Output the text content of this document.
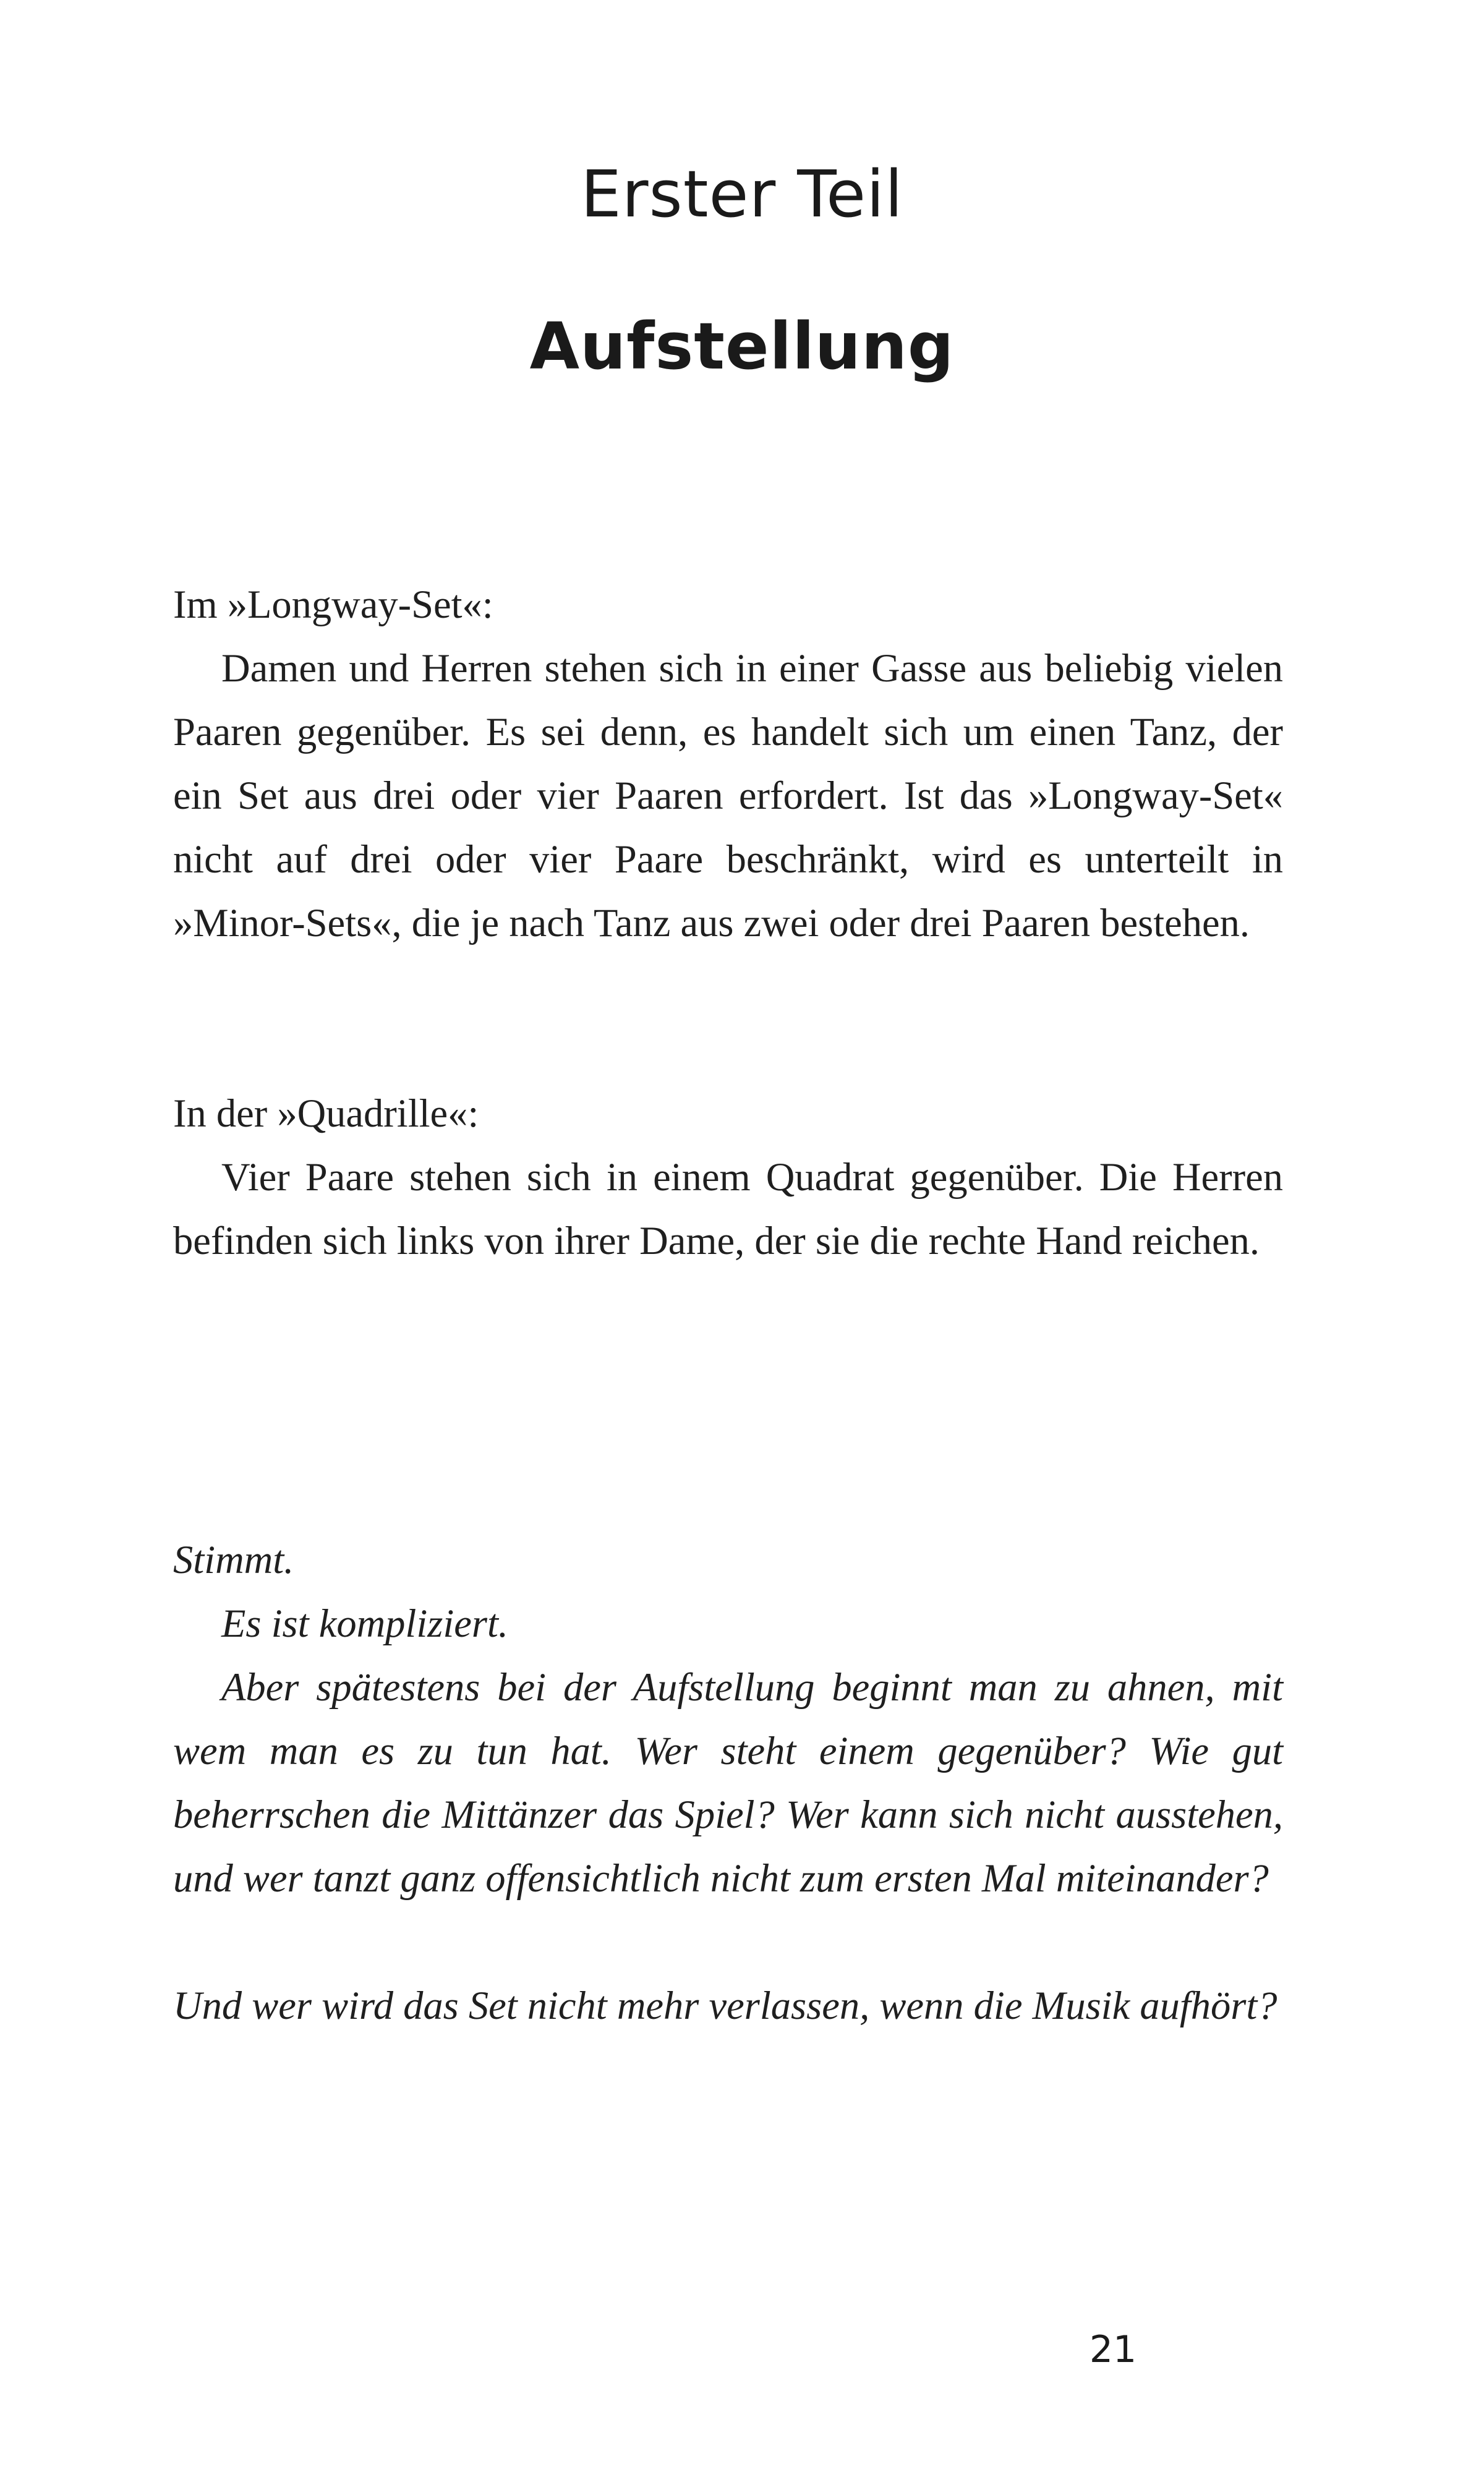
Erster Teil
Aufstellung

Im »Longway-Set«:

Damen und Herren stehen sich in einer Gasse aus beliebig vielen Paaren gegenüber. Es sei denn, es handelt sich um einen Tanz, der ein Set aus drei oder vier Paaren erfordert. Ist das »Longway-Set« nicht auf drei oder vier Paare beschränkt, wird es unterteilt in »Minor-Sets«, die je nach Tanz aus zwei oder drei Paaren bestehen.

In der »Quadrille«:

Vier Paare stehen sich in einem Quadrat gegenüber. Die Herren befinden sich links von ihrer Dame, der sie die rechte Hand reichen.

Stimmt.

Es ist kompliziert.

Aber spätestens bei der Aufstellung beginnt man zu ahnen, mit wem man es zu tun hat. Wer steht einem gegenüber? Wie gut beherrschen die Mittänzer das Spiel? Wer kann sich nicht ausstehen, und wer tanzt ganz offensichtlich nicht zum ersten Mal miteinander?

Und wer wird das Set nicht mehr verlassen, wenn die Musik aufhört?

21
